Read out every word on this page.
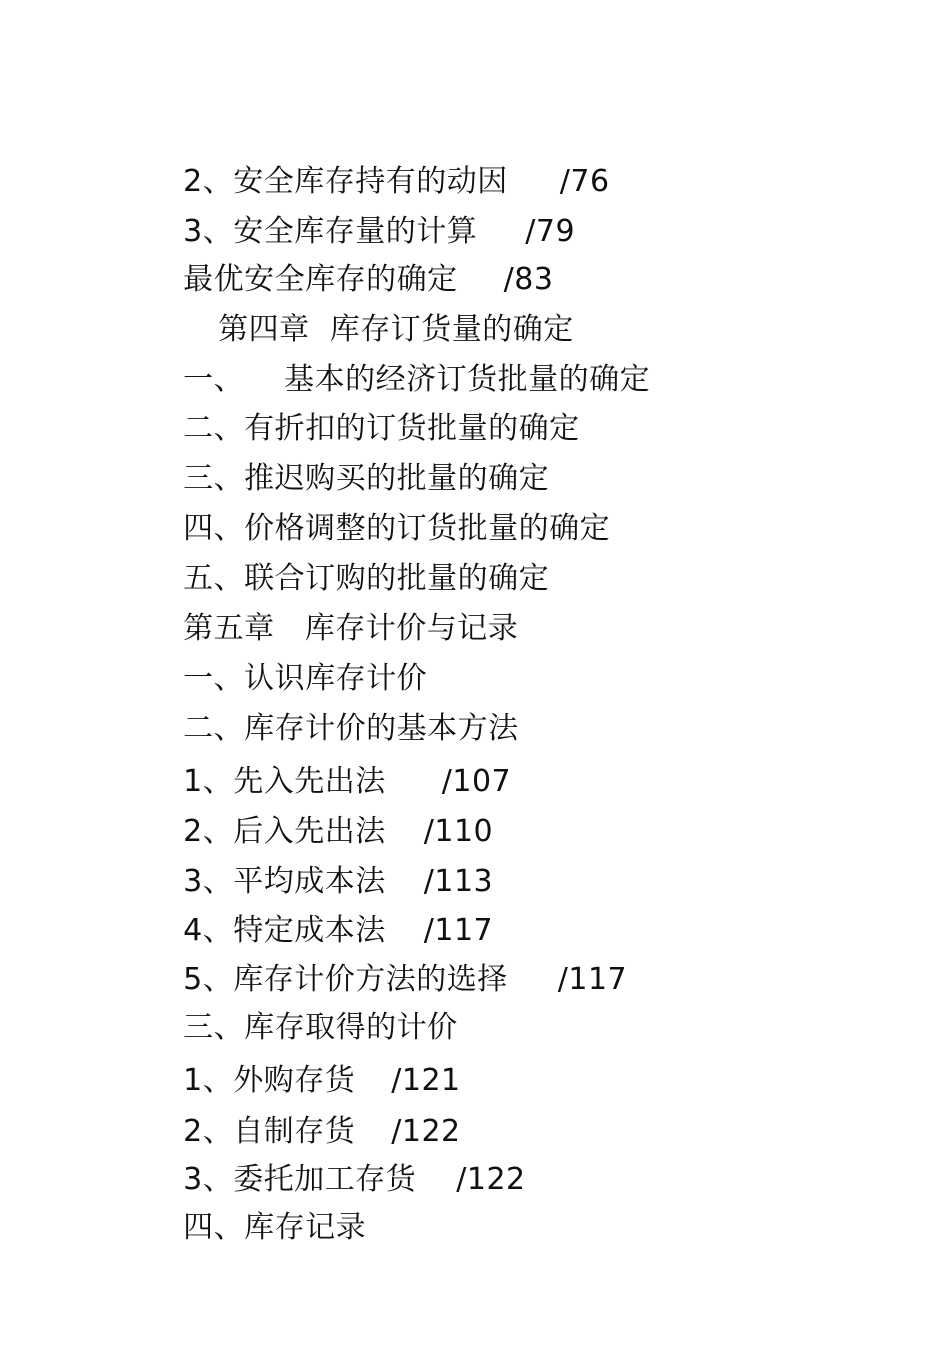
2、安全库存持有的动因 /76

3、安全库存量的计算 /79

最优安全库存的确定 /83

第四章  库存订货量的确定

一、
	基本的经济订货批量的确定

二、有折扣的订货批量的确定

三、推迟购买的批量的确定

四、价格调整的订货批量的确定

五、联合订购的批量的确定

第五章   库存计价与记录

一、认识库存计价

二、库存计价的基本方法

1、先入先出法 /107

2、后入先出法 /110

3、平均成本法 /113

4、特定成本法 /117

5、库存计价方法的选择 /117

三、库存取得的计价

1、外购存货 /121

2、自制存货 /122

3、委托加工存货 /122

四、库存记录
